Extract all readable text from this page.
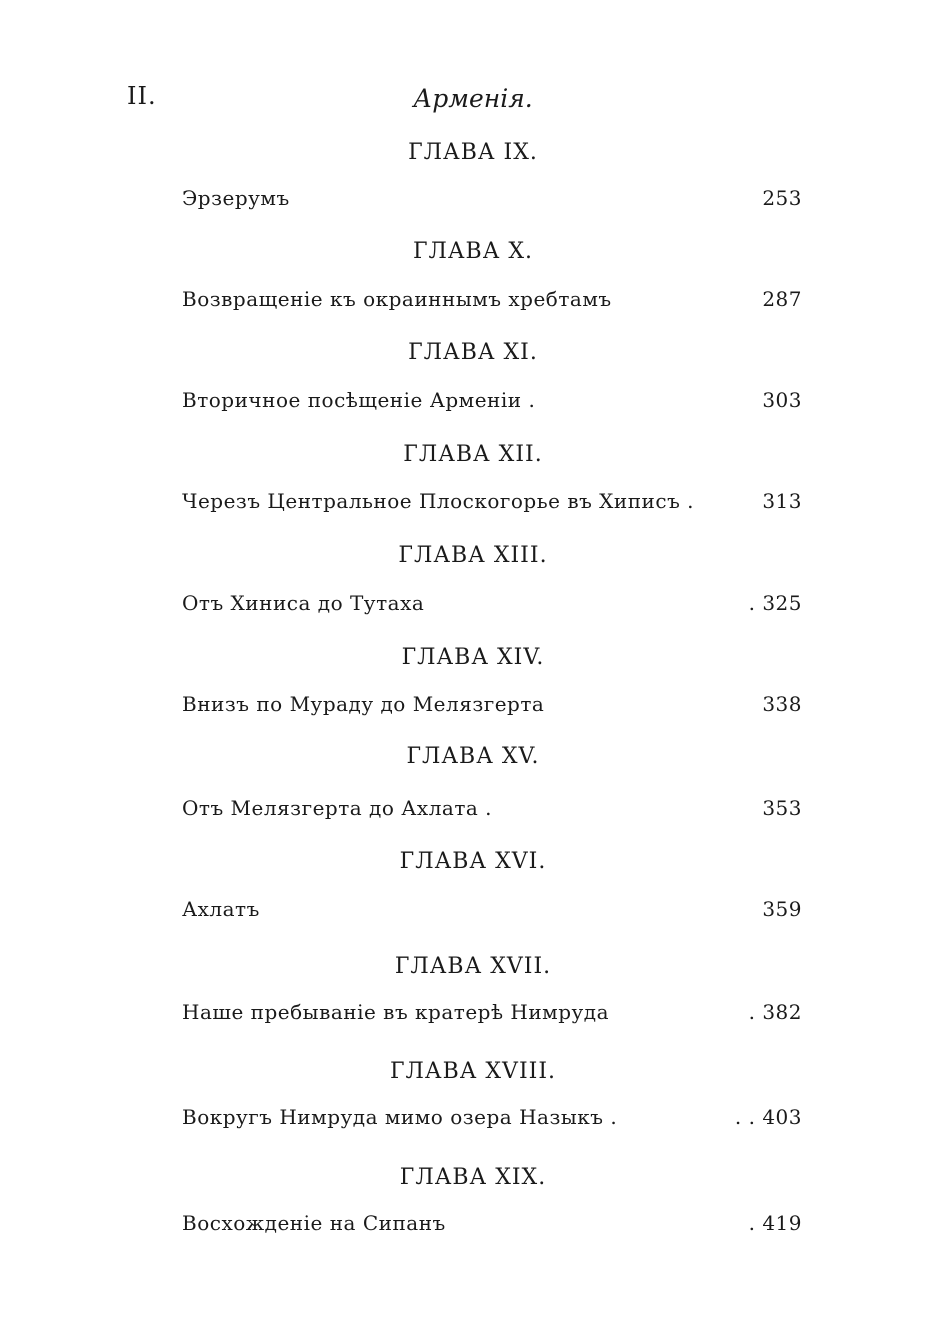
II.	Арменія.
ГЛАВА IX.
Эрзерумъ	253
ГЛАВА X.
Возвращеніе къ окраиннымъ хребтамъ	287
ГЛАВА XI.
Вторичное посѣщеніе Арменіи .	303
ГЛАВА XII.
Черезъ Центральное Плоскогорье въ Хиписъ .	313
ГЛАВА XIII.
Отъ Хиниса до Тутаха	. 325
ГЛАВА XIV.
Внизъ по Мураду до Мелязгерта	338
ГЛАВА XV.
Отъ Мелязгерта до Ахлата .	353
ГЛАВА XVI.
Ахлатъ	359
ГЛАВА XVII.
Наше пребываніе въ кратерѣ Нимруда	. 382
ГЛАВА XVIII.
Вокругъ Нимруда мимо озера Назыкъ .	. . 403
ГЛАВА XIX.
Восхожденіе на Сипанъ	. 419
